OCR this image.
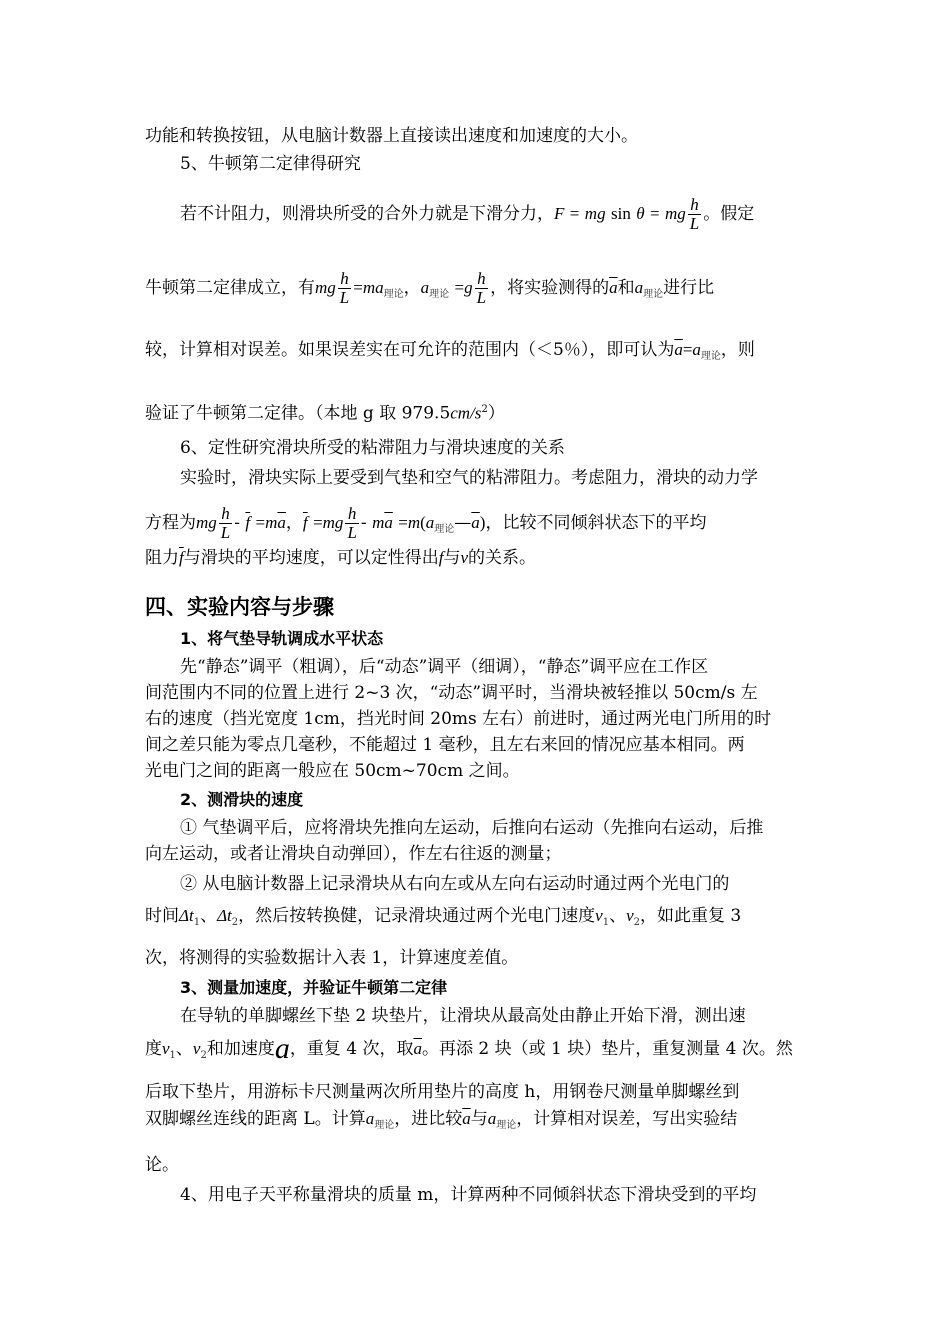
功能和转换按钮，从电脑计数器上直接读出速度和加速度的大小。
5、牛顿第二定律得研究
若不计阻力，则滑块所受的合外力就是下滑分力，F = mg sin θ = mg $\frac{h}{L}$ 。假定
牛顿第二定律成立，有mg $\frac{h}{L} =ma_{理论}$，$a_{理论} =g \frac{h}{L}$ ，将实验测得的$\overline{a}$和$a_{理论}$进行比
较，计算相对误差。如果误差实在可允许的范围内（＜5％），即可认为$\overline{a}=a_{理论}$，则
验证了牛顿第二定律。（本地 g 取 $979.5cm/s^2$）
6、定性研究滑块所受的粘滞阻力与滑块速度的关系
实验时，滑块实际上要受到气垫和空气的粘滞阻力。考虑阻力，滑块的动力学
方程为mg $\frac{h}{L} - \overline{f} =m\overline{a}$，$\overline{f} =mg \frac{h}{L} - m\overline{a}$ $=m(a_{理论}—\overline{a})$，比较不同倾斜状态下的平均
阻力$\overline{f}$与滑块的平均速度，可以定性得出f与v的关系。
四、实验内容与步骤
1、将气垫导轨调成水平状态
先“静态”调平（粗调），后“动态”调平（细调），“静态”调平应在工作区
间范围内不同的位置上进行 2~3 次，“动态”调平时，当滑块被轻推以 50cm/s 左
右的速度（挡光宽度 1cm，挡光时间 20ms 左右）前进时，通过两光电门所用的时
间之差只能为零点几毫秒，不能超过 1 毫秒，且左右来回的情况应基本相同。两
光电门之间的距离一般应在 50cm~70cm 之间。
2、测滑块的速度
① 气垫调平后，应将滑块先推向左运动，后推向右运动（先推向右运动，后推
向左运动，或者让滑块自动弹回），作左右往返的测量；
② 从电脑计数器上记录滑块从右向左或从左向右运动时通过两个光电门的
时间$\Delta t_1$、$\Delta t_2$，然后按转换健，记录滑块通过两个光电门速度$v_1$、$v_2$，如此重复 3
次，将测得的实验数据计入表 1，计算速度差值。
3、测量加速度，并验证牛顿第二定律
在导轨的单脚螺丝下垫 2 块垫片，让滑块从最高处由静止开始下滑，测出速
度$v_1$、$v_2$和加速度a，重复 4 次，取$\overline{a}$。再添 2 块（或 1 块）垫片，重复测量 4 次。然
后取下垫片，用游标卡尺测量两次所用垫片的高度 h，用钢卷尺测量单脚螺丝到
双脚螺丝连线的距离 L。计算$a_{理论}$，进比较$\overline{a}$与$a_{理论}$，计算相对误差，写出实验结
论。
4、用电子天平称量滑块的质量 m，计算两种不同倾斜状态下滑块受到的平均
